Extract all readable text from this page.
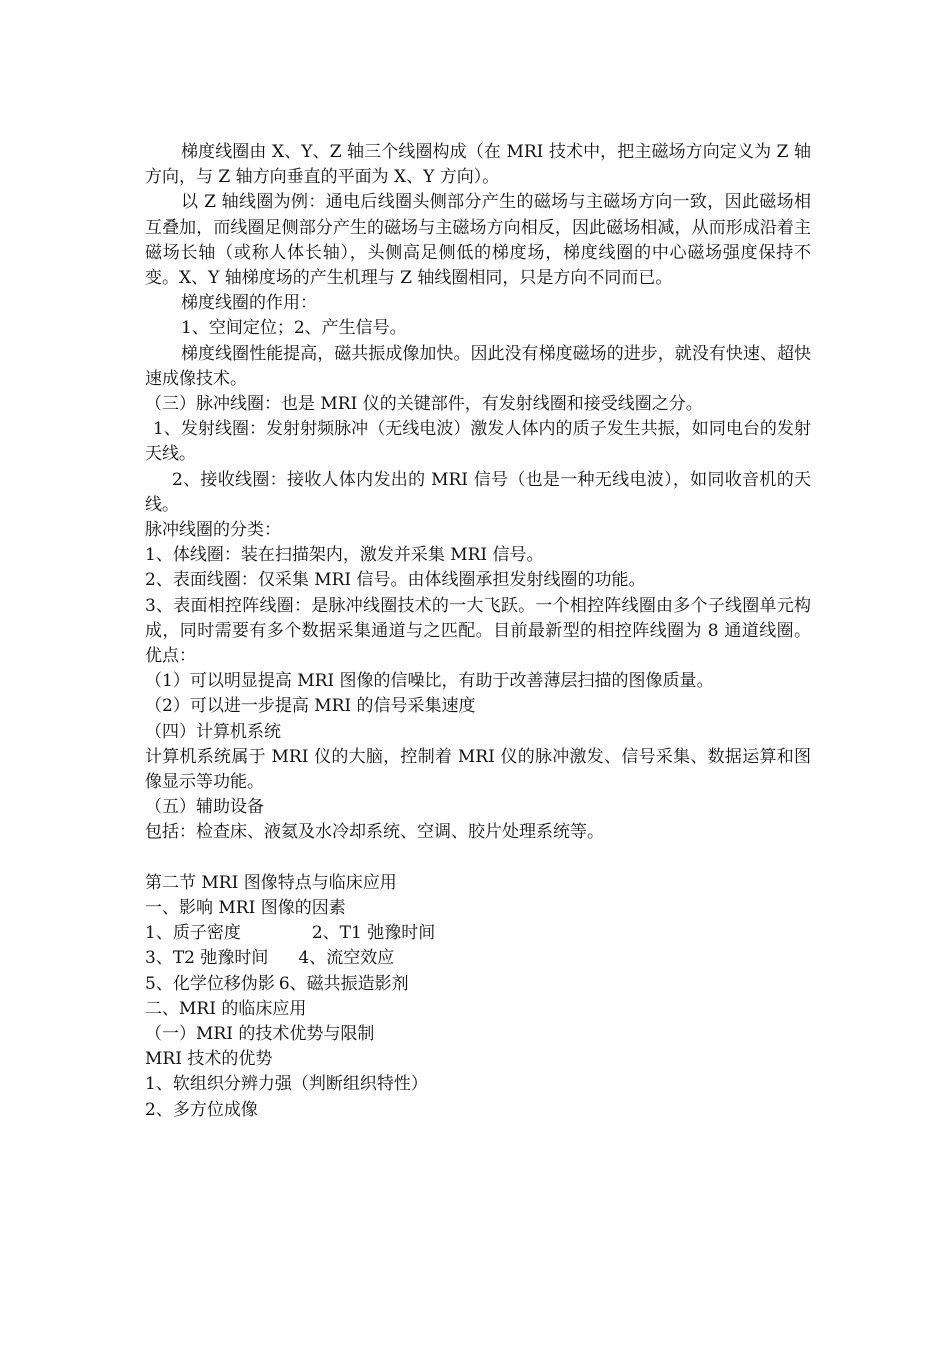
梯度线圈由 X、Y、Z 轴三个线圈构成（在 MRI 技术中，把主磁场方向定义为 Z 轴方向，与 Z 轴方向垂直的平面为 X、Y 方向）。

以 Z 轴线圈为例：通电后线圈头侧部分产生的磁场与主磁场方向一致，因此磁场相互叠加，而线圈足侧部分产生的磁场与主磁场方向相反，因此磁场相减，从而形成沿着主磁场长轴（或称人体长轴），头侧高足侧低的梯度场，梯度线圈的中心磁场强度保持不变。X、Y 轴梯度场的产生机理与 Z 轴线圈相同，只是方向不同而已。

梯度线圈的作用：

1、空间定位；2、产生信号。

梯度线圈性能提高，磁共振成像加快。因此没有梯度磁场的进步，就没有快速、超快速成像技术。

（三）脉冲线圈：也是 MRI 仪的关键部件，有发射线圈和接受线圈之分。

1、发射线圈：发射射频脉冲（无线电波）激发人体内的质子发生共振，如同电台的发射天线。

2、接收线圈：接收人体内发出的 MRI 信号（也是一种无线电波），如同收音机的天线。

脉冲线圈的分类：

1、体线圈：装在扫描架内，激发并采集 MRI 信号。

2、表面线圈：仅采集 MRI 信号。由体线圈承担发射线圈的功能。

3、表面相控阵线圈：是脉冲线圈技术的一大飞跃。一个相控阵线圈由多个子线圈单元构成，同时需要有多个数据采集通道与之匹配。目前最新型的相控阵线圈为 8 通道线圈。优点：

（1）可以明显提高 MRI 图像的信噪比，有助于改善薄层扫描的图像质量。

（2）可以进一步提高 MRI 的信号采集速度

（四）计算机系统

计算机系统属于 MRI 仪的大脑，控制着 MRI 仪的脉冲激发、信号采集、数据运算和图像显示等功能。

（五）辅助设备

包括：检查床、液氦及水冷却系统、空调、胶片处理系统等。

第二节 MRI 图像特点与临床应用

一、影响 MRI 图像的因素

1、质子密度	2、T1 弛豫时间

3、T2 弛豫时间 4、流空效应

5、化学位移伪影 6、磁共振造影剂

二、MRI 的临床应用

（一）MRI 的技术优势与限制

MRI 技术的优势

1、软组织分辨力强（判断组织特性）

2、多方位成像
